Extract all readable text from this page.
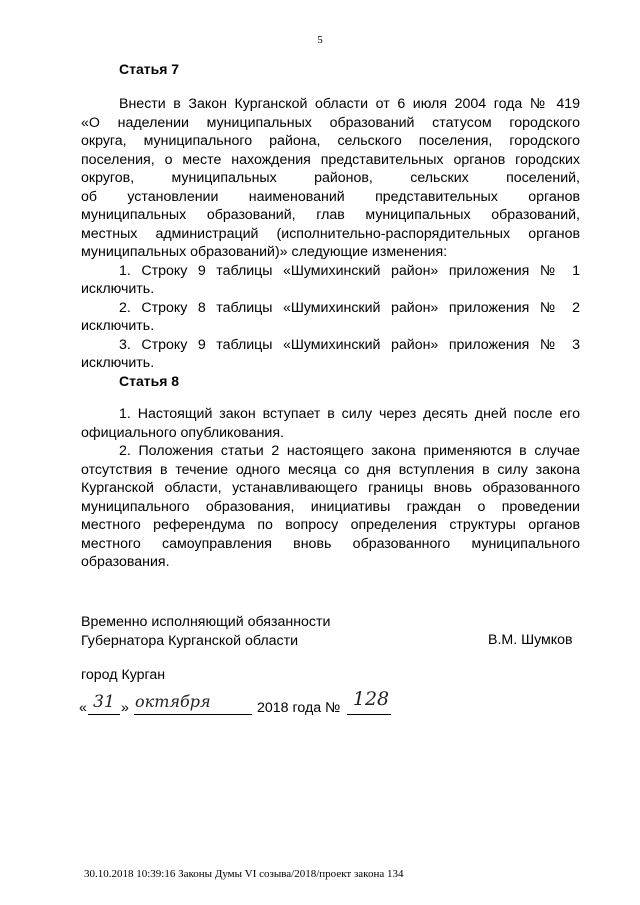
5
Статья 7

Внести в Закон Курганской области от 6 июля 2004 года № 419

«О наделении муниципальных образований статусом городского

округа, муниципального района, сельского поселения, городского

поселения, о месте нахождения представительных органов городских

округов, муниципальных районов, сельских поселений,

об установлении наименований представительных органов

муниципальных образований, глав муниципальных образований,

местных администраций (исполнительно-распорядительных органов

муниципальных образований)» следующие изменения:

1. Строку 9 таблицы «Шумихинский район» приложения № 1

исключить.

2. Строку 8 таблицы «Шумихинский район» приложения № 2

исключить.

3. Строку 9 таблицы «Шумихинский район» приложения № 3

исключить.

Статья 8

1. Настоящий закон вступает в силу через десять дней после его

официального опубликования.

2. Положения статьи 2 настоящего закона применяются в случае

отсутствия в течение одного месяца со дня вступления в силу закона

Курганской области, устанавливающего границы вновь образованного

муниципального образования, инициативы граждан о проведении

местного референдума по вопросу определения структуры органов

местного самоуправления вновь образованного муниципального

образования.

Временно исполняющий обязанности
Губернатора Курганской области	В.М. Шумков
город Курган
« 31 » октября	2018 года № 128
30.10.2018 10:39:16 Законы Думы VI созыва/2018/проект закона 134
